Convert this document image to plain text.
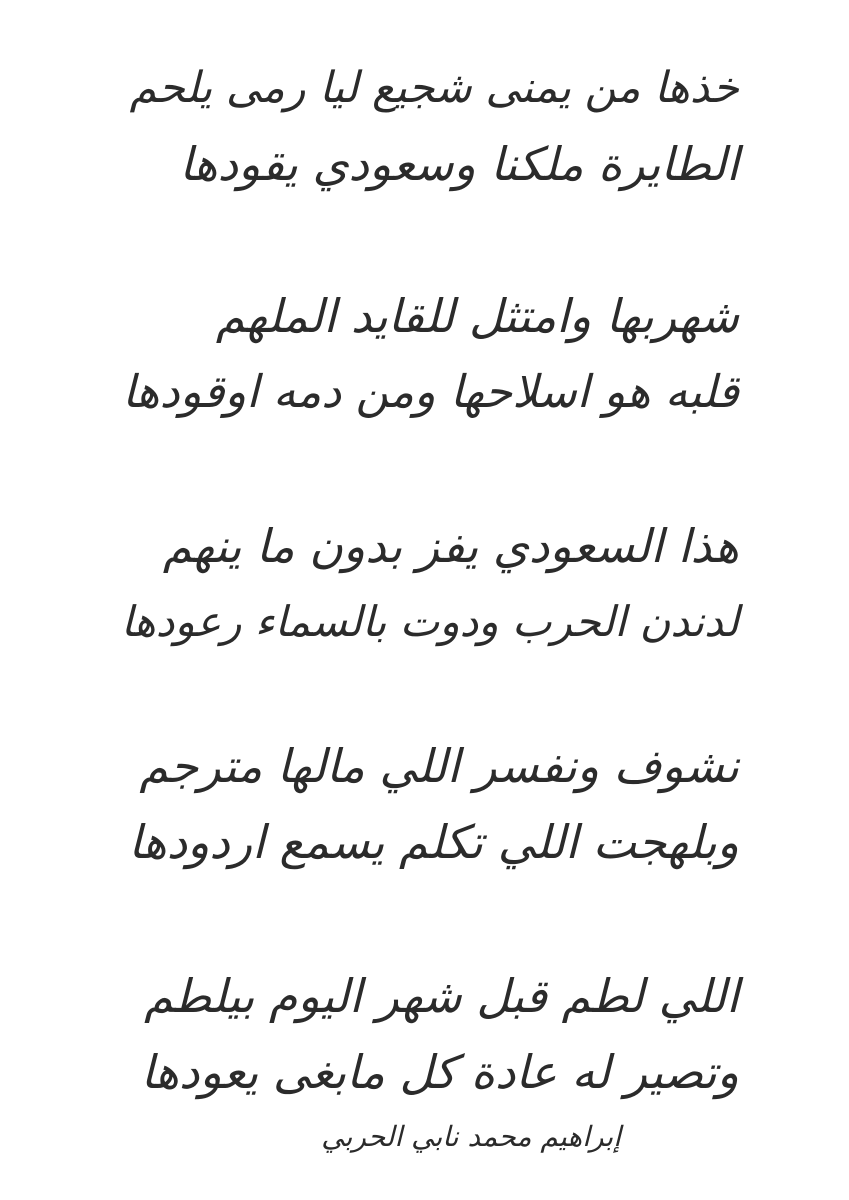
خذها من يمنى شجيع ليا رمى يلحم
الطايرة ملكنا وسعودي يقودها
شهربها وامتثل للقايد الملهم
قلبه هو اسلاحها ومن دمه اوقودها
هذا السعودي يفز بدون ما ينهم
لدندن الحرب ودوت بالسماء رعودها
نشوف ونفسر اللي مالها مترجم
وبلهجت اللي تكلم يسمع اردودها
اللي لطم قبل شهر اليوم بيلطم
وتصير له عادة كل مابغى يعودها
إبراهيم محمد نابي الحربي
